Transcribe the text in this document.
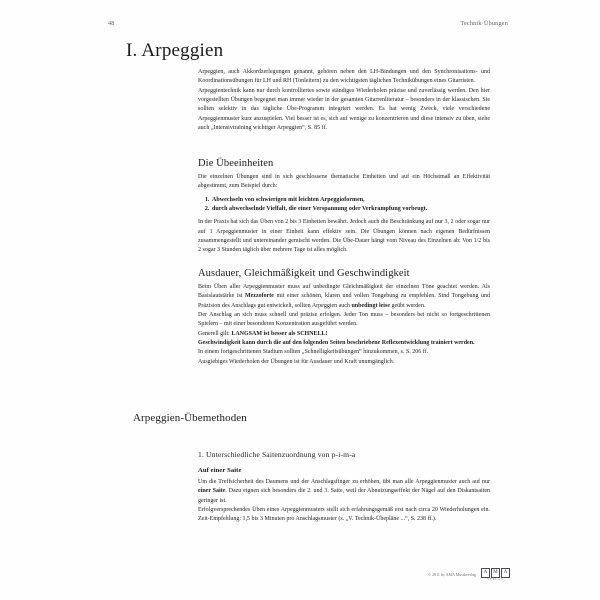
48	Technik·Übungen
I. Arpeggien

Arpeggien, auch Akkordzerlegungen genannt, gehören neben den LH-Bindungen und den Synchronisations- und Koordinationsübungen für LH und RH (Tonleitern) zu den wichtigsten täglichen Technikübungen eines Gitarristen.

Arpeggientechnik kann nur durch kontrolliertes sowie ständiges Wiederholen präzise und zuverlässig werden. Den hier vorgestellten Übungen begegnet man immer wieder in der gesamten Gitarrenliteratur – besonders in der klassischen. Sie sollten selektiv in das tägliche Übe-Programm integriert werden. Es hat wenig Zweck, viele verschiedene Arpeggienmuster kurz anzuspielen. Viel besser ist es, sich auf wenige zu konzentrieren und diese intensiv zu üben, siehe auch „Intensivtraining wichtiger Arpeggien“, S. 85 ff.

Die Übeeinheiten

Die einzelnen Übungen sind in sich geschlossene thematische Einheiten und auf ein Höchstmaß an Effektivität abgestimmt, zum Beispiel durch:

1. Abwechseln von schwierigen mit leichten Arpeggioformen,
2. durch abwechselnde Vielfalt, die einer Verspannung oder Verkrampfung vorbeugt.

In der Praxis hat sich das Üben von 2 bis 3 Einheiten bewährt. Jedoch auch die Beschränkung auf nur 3, 2 oder sogar nur auf 1 Arpeggienmuster in einer Einheit kann effektiv sein. Die Übungen können nach eigenen Bedürfnissen zusammengestellt und untereinander gemischt werden. Die Übe-Dauer hängt vom Niveau des Einzelnen ab: Von 1/2 bis 2 sogar 3 Stunden täglich über mehrere Tage ist alles möglich.

Ausdauer, Gleichmäßigkeit und Geschwindigkeit

Beim Üben aller Arpeggienmuster muss auf unbedingte Gleichmäßigkeit der einzelnen Töne geachtet werden. Als Basislautstärke ist Mezzoforte mit einer schönen, klaren und vollen Tongebung zu empfehlen. Sind Tongebung und Präzision des Anschlags gut entwickelt, sollten Arpeggien auch unbedingt leise geübt werden.

Der Anschlag an sich muss schnell und präzise erfolgen. Jeder Ton muss – besonders bei nicht so fortgeschrittenen Spielern – mit einer besonderen Konzentration ausgeführt werden.

Generell gilt: LANGSAM ist besser als SCHNELL!

Geschwindigkeit kann durch die auf den folgenden Seiten beschriebene Reflexentwicklung trainiert werden.

In einem fortgeschrittenen Stadium sollten „Schnelligkeitsübungen“ hinzukommen, s. S. 206 ff.

Ausgiebiges Wiederholen der Übungen ist für Ausdauer und Kraft unumgänglich.

Arpeggien-Übemethoden
1. Unterschiedliche Saitenzuordnung von p-i-m-a
Auf einer Saite

Um die Treffsicherheit des Daumens und der Anschlagsfinger zu erhöhen, übt man alle Arpeggienmuster auch auf nur einer Saite. Dazu eignen sich besonders die 2. und 3. Saite, weil der Abnutzungseffekt der Nägel auf den Diskantsaiten geringer ist.

Erfolgversprechendes Üben eines Arpeggienmusters stellt sich erfahrungsgemäß erst nach circa 20 Wiederholungen ein. Zeit-Empfehlung: 1,5 bis 3 Minuten pro Anschlagsmuster (s. „V. Technik-Übepläne ...“, S. 238 ff.).

© 2011 by AMA Musikverlag	A	M	A
VERLAG
